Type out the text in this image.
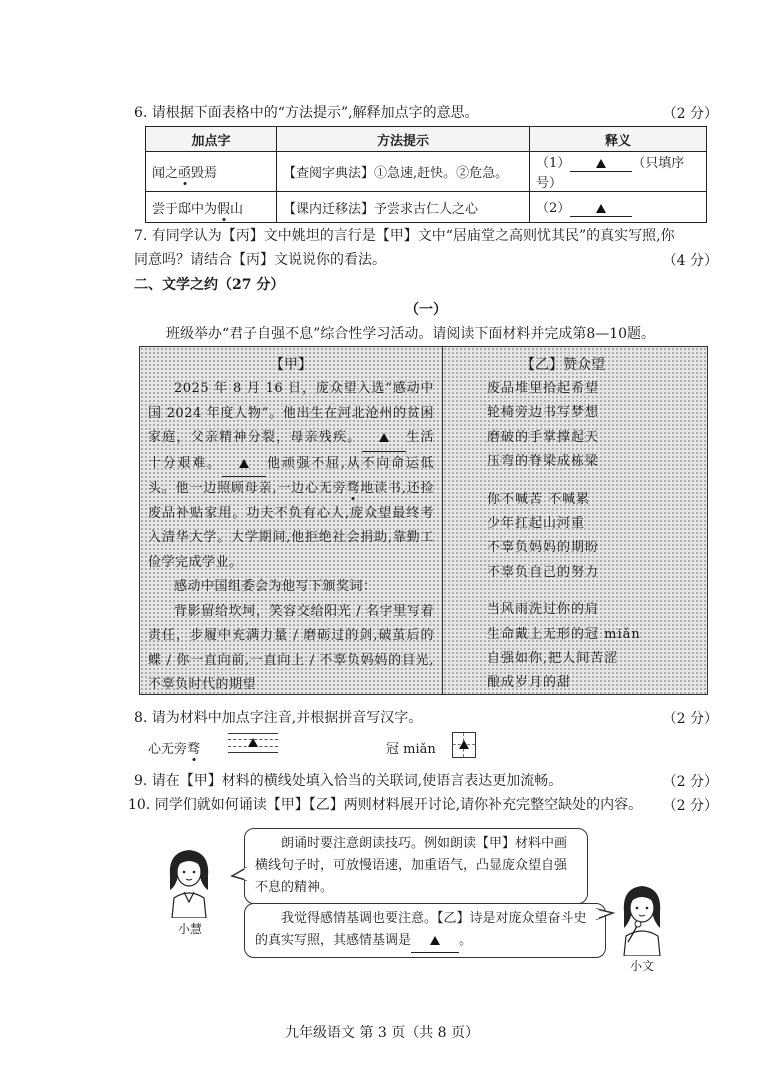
6. 请根据下面表格中的“方法提示”,解释加点字的意思。	（2 分）
加点字	方法提示	释义
闻之亟毁焉	【查阅字典法】①急速,赶快。②危急。	（1） （只填序号）
尝于邸中为假山	【课内迁移法】予尝求古仁人之心	（2）
7. 有同学认为【丙】文中姚坦的言行是【甲】文中“居庙堂之高则忧其民”的真实写照,你
同意吗？请结合【丙】文说说你的看法。	（4 分）
二、文学之约（27 分）
（一）
班级举办“君子自强不息”综合性学习活动。请阅读下面材料并完成第8—10题。
【甲】
2025 年 8 月 16 日，庞众望入选“感动中国 2024 年度人物”。他出生在河北沧州的贫困家庭，父亲精神分裂，母亲残疾。	生活十分艰难。	他顽强不屈,从不向命运低头。他一边照顾母亲,一边心无旁骛地读书,还捡废品补贴家用。功夫不负有心人,庞众望最终考入清华大学。大学期间,他拒绝社会捐助,靠勤工俭学完成学业。
感动中国组委会为他写下颁奖词：
背影留给坎坷，笑容交给阳光 / 名字里写着责任，步履中充满力量 / 磨砺过的剑,破茧后的蝶 / 你一直向前,一直向上 / 不辜负妈妈的目光,不辜负时代的期望
【乙】赞众望

废品堆里拾起希望

轮椅旁边书写梦想

磨破的手掌撑起天

压弯的脊梁成栋梁

你不喊苦 不喊累

少年扛起山河重

不辜负妈妈的期盼

不辜负自己的努力

当风雨洗过你的肩

生命戴上无形的冠 miǎn

自强如你,把人间苦涩

酿成岁月的甜

8. 请为材料中加点字注音,并根据拼音写汉字。	（2 分）
心无旁骛	冠 miǎn
9. 请在【甲】材料的横线处填入恰当的关联词,使语言表达更加流畅。	（2 分）
10. 同学们就如何诵读【甲】【乙】两则材料展开讨论,请你补充完整空缺处的内容。	（2 分）
朗诵时要注意朗读技巧。例如朗读【甲】材料中画横线句子时，可放慢语速，加重语气，凸显庞众望自强不息的精神。
我觉得感情基调也要注意。【乙】诗是对庞众望奋斗史的真实写照，其感情基调是	。
小慧
小文
九年级语文 第 3 页（共 8 页）
